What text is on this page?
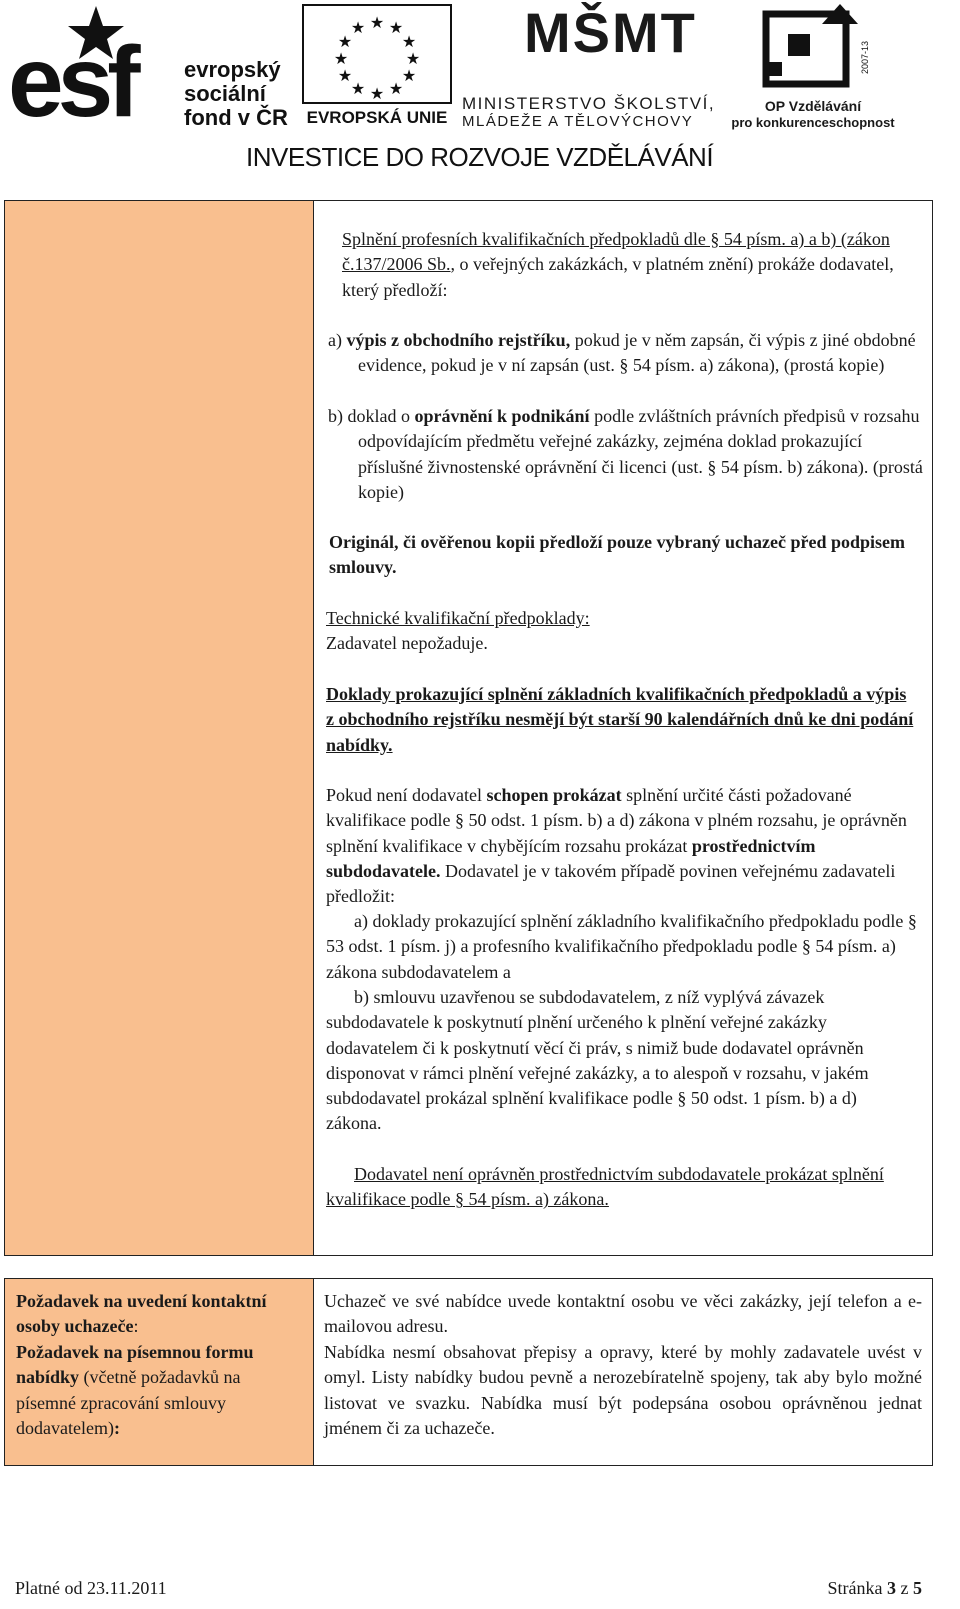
esf evropský
sociální
fond v ČR
★ ★
★
★
★
★
★
★
★
★
★
★
EVROPSKÁ UNIE
MŠMT
MINISTERSTVO ŠKOLSTVÍ,
MLÁDEŽE A TĚLOVÝCHOVY
2007-13
OP Vzdělávání
pro konkurenceschopnost
INVESTICE DO ROZVOJE VZDĚLÁVÁNÍ

Splnění profesních kvalifikačních předpokladů dle § 54 písm. a) a b) (zákon č.137/2006 Sb., o veřejných zakázkách, v platném znění) prokáže dodavatel, který předloží:

a) výpis z obchodního rejstříku, pokud je v něm zapsán, či výpis z jiné obdobné evidence, pokud je v ní zapsán (ust. § 54 písm. a) zákona), (prostá kopie)

b) doklad o oprávnění k podnikání podle zvláštních právních předpisů v rozsahu odpovídajícím předmětu veřejné zakázky, zejména doklad prokazující příslušné živnostenské oprávnění či licenci (ust. § 54 písm. b) zákona). (prostá kopie)

Originál, či ověřenou kopii předloží pouze vybraný uchazeč před podpisem smlouvy.

Technické kvalifikační předpoklady:

Zadavatel nepožaduje.

Doklady prokazující splnění základních kvalifikačních předpokladů a výpis z obchodního rejstříku nesmějí být starší 90 kalendářních dnů ke dni podání nabídky.

Pokud není dodavatel schopen prokázat splnění určité části požadované kvalifikace podle § 50 odst. 1 písm. b) a d) zákona v plném rozsahu, je oprávněn splnění kvalifikace v chybějícím rozsahu prokázat prostřednictvím subdodavatele. Dodavatel je v takovém případě povinen veřejnému zadavateli předložit:

a) doklady prokazující splnění základního kvalifikačního předpokladu podle § 53 odst. 1 písm. j) a profesního kvalifikačního předpokladu podle § 54 písm. a) zákona subdodavatelem a

b) smlouvu uzavřenou se subdodavatelem, z níž vyplývá závazek subdodavatele k poskytnutí plnění určeného k plnění veřejné zakázky dodavatelem či k poskytnutí věcí či práv, s nimiž bude dodavatel oprávněn disponovat v rámci plnění veřejné zakázky, a to alespoň v rozsahu, v jakém subdodavatel prokázal splnění kvalifikace podle § 50 odst. 1 písm. b) a d) zákona.

Dodavatel není oprávněn prostřednictvím subdodavatele prokázat splnění kvalifikace podle § 54 písm. a) zákona.

Požadavek na uvedení kontaktní osoby uchazeče:

Požadavek na písemnou formu nabídky (včetně požadavků na písemné zpracování smlouvy dodavatelem):

Uchazeč ve své nabídce uvede kontaktní osobu ve věci zakázky, její telefon a e-mailovou adresu.

Nabídka nesmí obsahovat přepisy a opravy, které by mohly zadavatele uvést v omyl. Listy nabídky budou pevně a nerozebíratelně spojeny, tak aby bylo možné listovat ve svazku. Nabídka musí být podepsána osobou oprávněnou jednat jménem či za uchazeče.

Platné od 23.11.2011	Stránka 3 z 5
